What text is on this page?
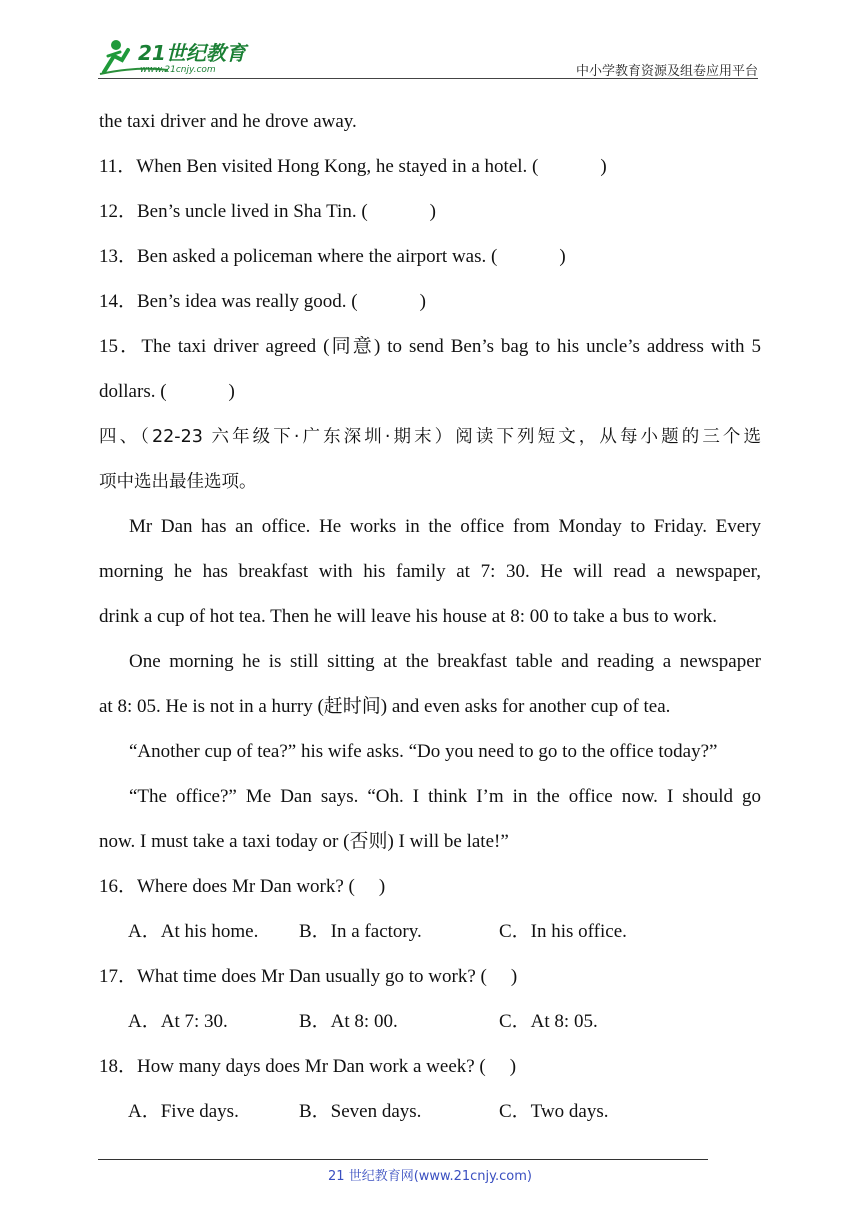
21世纪教育
www.21cnjy.com	中小学教育资源及组卷应用平台
the taxi driver and he drove away.
11．When Ben visited Hong Kong, he stayed in a hotel. (	)
12．Ben’s uncle lived in Sha Tin. (	)
13．Ben asked a policeman where the airport was. (	)
14．Ben’s idea was really good. (	)
15．The taxi driver agreed (同意) to send Ben’s bag to his uncle’s address with 5
dollars. (	)
四、（22-23 六年级下·广东深圳·期末）阅读下列短文，从每小题的三个选
项中选出最佳选项。
Mr Dan has an office. He works in the office from Monday to Friday. Every
morning he has breakfast with his family at 7: 30. He will read a newspaper,
drink a cup of hot tea. Then he will leave his house at 8: 00 to take a bus to work.
One morning he is still sitting at the breakfast table and reading a newspaper
at 8: 05. He is not in a hurry (赶时间) and even asks for another cup of tea.
“Another cup of tea?” his wife asks. “Do you need to go to the office today?”
“The office?” Me Dan says. “Oh. I think I’m in the office now. I should go
now. I must take a taxi today or (否则) I will be late!”
16．Where does Mr Dan work? ( )
A．At his home. B．In a factory.	C．In his office.
17．What time does Mr Dan usually go to work? ( )
A．At 7: 30.	B．At 8: 00.	C．At 8: 05.
18．How many days does Mr Dan work a week? ( )
A．Five days.	B．Seven days.	C．Two days.
21 世纪教育网(www.21cnjy.com)
